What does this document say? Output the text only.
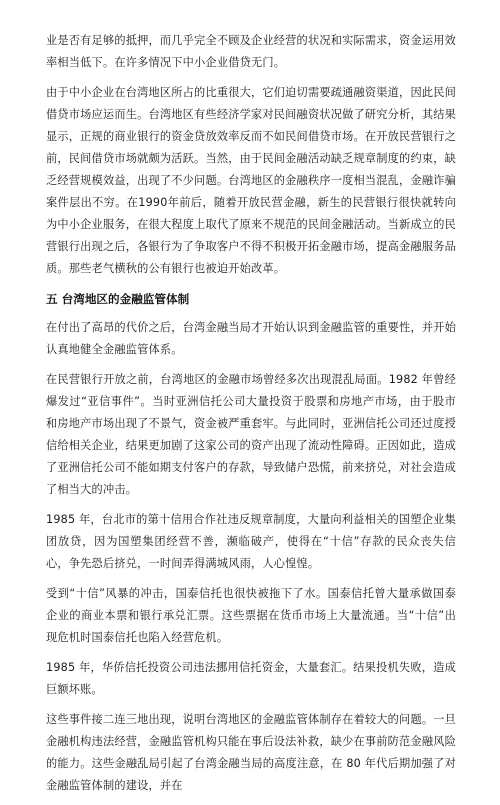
业是否有足够的抵押，而几乎完全不顾及企业经营的状况和实际需求，资金运用效率相当低下。在许多情况下中小企业借贷无门。

由于中小企业在台湾地区所占的比重很大，它们迫切需要疏通融资渠道，因此民间借贷市场应运而生。台湾地区有些经济学家对民间融资状况做了研究分析，其结果显示，正规的商业银行的资金贷放效率反而不如民间借贷市场。在开放民营银行之前，民间借贷市场就颇为活跃。当然，由于民间金融活动缺乏规章制度的约束，缺乏经营规模效益，出现了不少问题。台湾地区的金融秩序一度相当混乱，金融诈骗案件层出不穷。在1990年前后，随着开放民营金融，新生的民营银行很快就转向为中小企业服务，在很大程度上取代了原来不规范的民间金融活动。当新成立的民营银行出现之后，各银行为了争取客户不得不积极开拓金融市场，提高金融服务品质。那些老气横秋的公有银行也被迫开始改革。

五 台湾地区的金融监管体制

在付出了高昂的代价之后，台湾金融当局才开始认识到金融监管的重要性，并开始认真地健全金融监管体系。

在民营银行开放之前，台湾地区的金融市场曾经多次出现混乱局面。1982 年曾经爆发过“亚信事件”。当时亚洲信托公司大量投资于股票和房地产市场，由于股市和房地产市场出现了不景气，资金被严重套牢。与此同时，亚洲信托公司还过度授信给相关企业，结果更加剧了这家公司的资产出现了流动性障碍。正因如此，造成了亚洲信托公司不能如期支付客户的存款，导致储户恐慌，前来挤兑，对社会造成了相当大的冲击。

1985 年，台北市的第十信用合作社违反规章制度，大量向利益相关的国塑企业集团放贷，因为国塑集团经营不善，濒临破产，使得在“十信”存款的民众丧失信心，争先恐后挤兑，一时间弄得满城风雨，人心惶惶。

受到“十信”风暴的冲击，国泰信托也很快被拖下了水。国泰信托曾大量承做国泰企业的商业本票和银行承兑汇票。这些票据在货币市场上大量流通。当“十信”出现危机时国泰信托也陷入经营危机。

1985 年，华侨信托投资公司违法挪用信托资金，大量套汇。结果投机失败，造成巨额坏账。

这些事件接二连三地出现，说明台湾地区的金融监管体制存在着较大的问题。一旦金融机构违法经营，金融监管机构只能在事后设法补救，缺少在事前防范金融风险的能力。这些金融乱局引起了台湾金融当局的高度注意，在 80 年代后期加强了对金融监管体制的建设，并在
